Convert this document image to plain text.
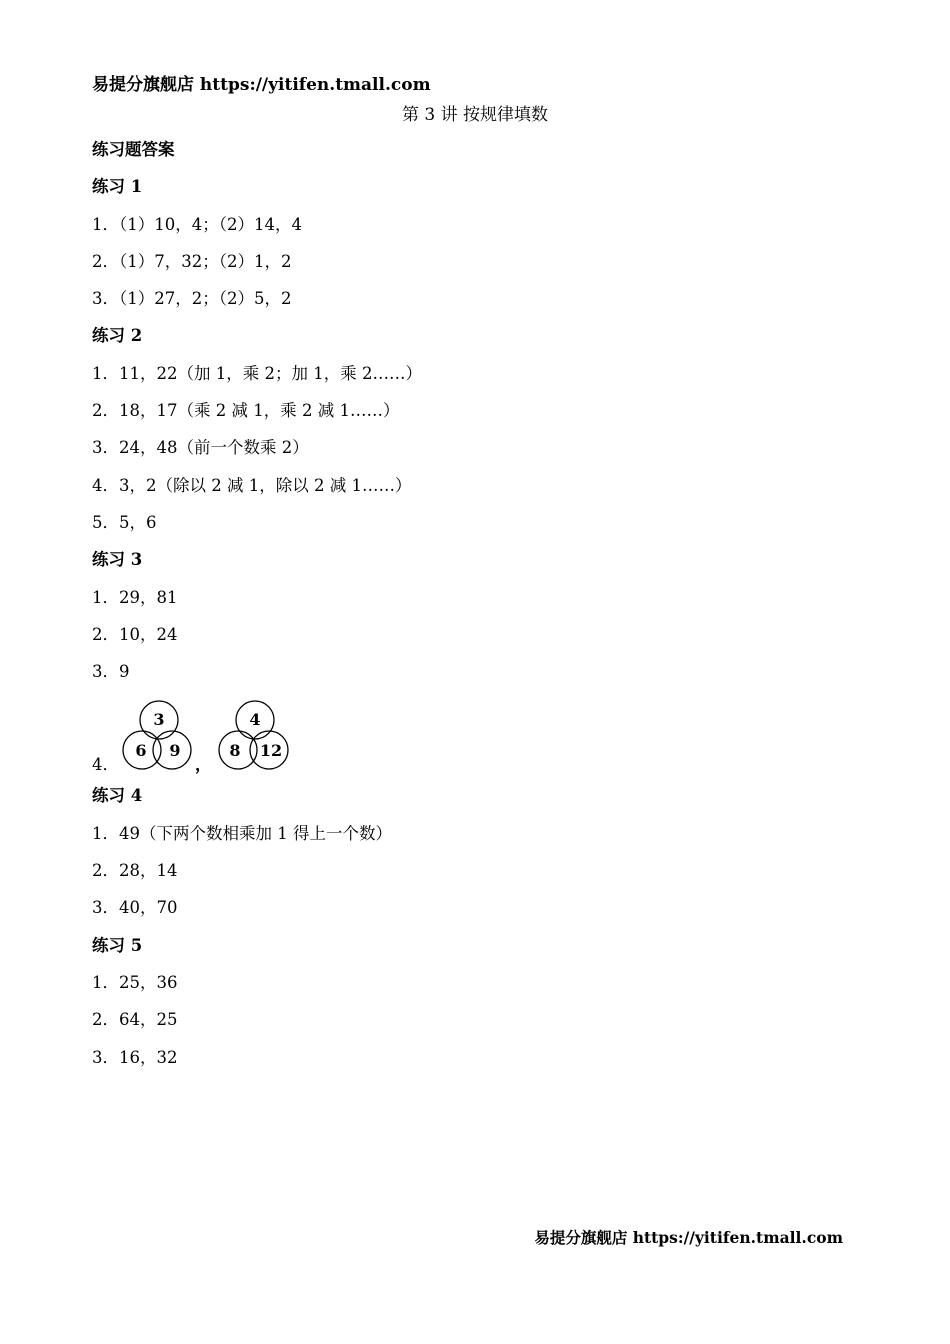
易提分旗舰店 https://yitifen.tmall.com
第 3 讲 按规律填数
练习题答案
练习 1
1．（1）10，4；（2）14，4
2．（1）7，32；（2）1，2
3．（1）27，2；（2）5，2
练习 2
1．11，22（加 1，乘 2；加 1，乘 2……）
2．18，17（乘 2 减 1，乘 2 减 1……）
3．24，48（前一个数乘 2）
4．3，2（除以 2 减 1，除以 2 减 1……）
5．5，6
练习 3
1．29，81
2．10，24
3．9
4．
3
6 9
，
4
8 12
练习 4
1．49（下两个数相乘加 1 得上一个数）
2．28，14
3．40，70
练习 5
1．25，36
2．64，25
3．16，32
易提分旗舰店 https://yitifen.tmall.com
